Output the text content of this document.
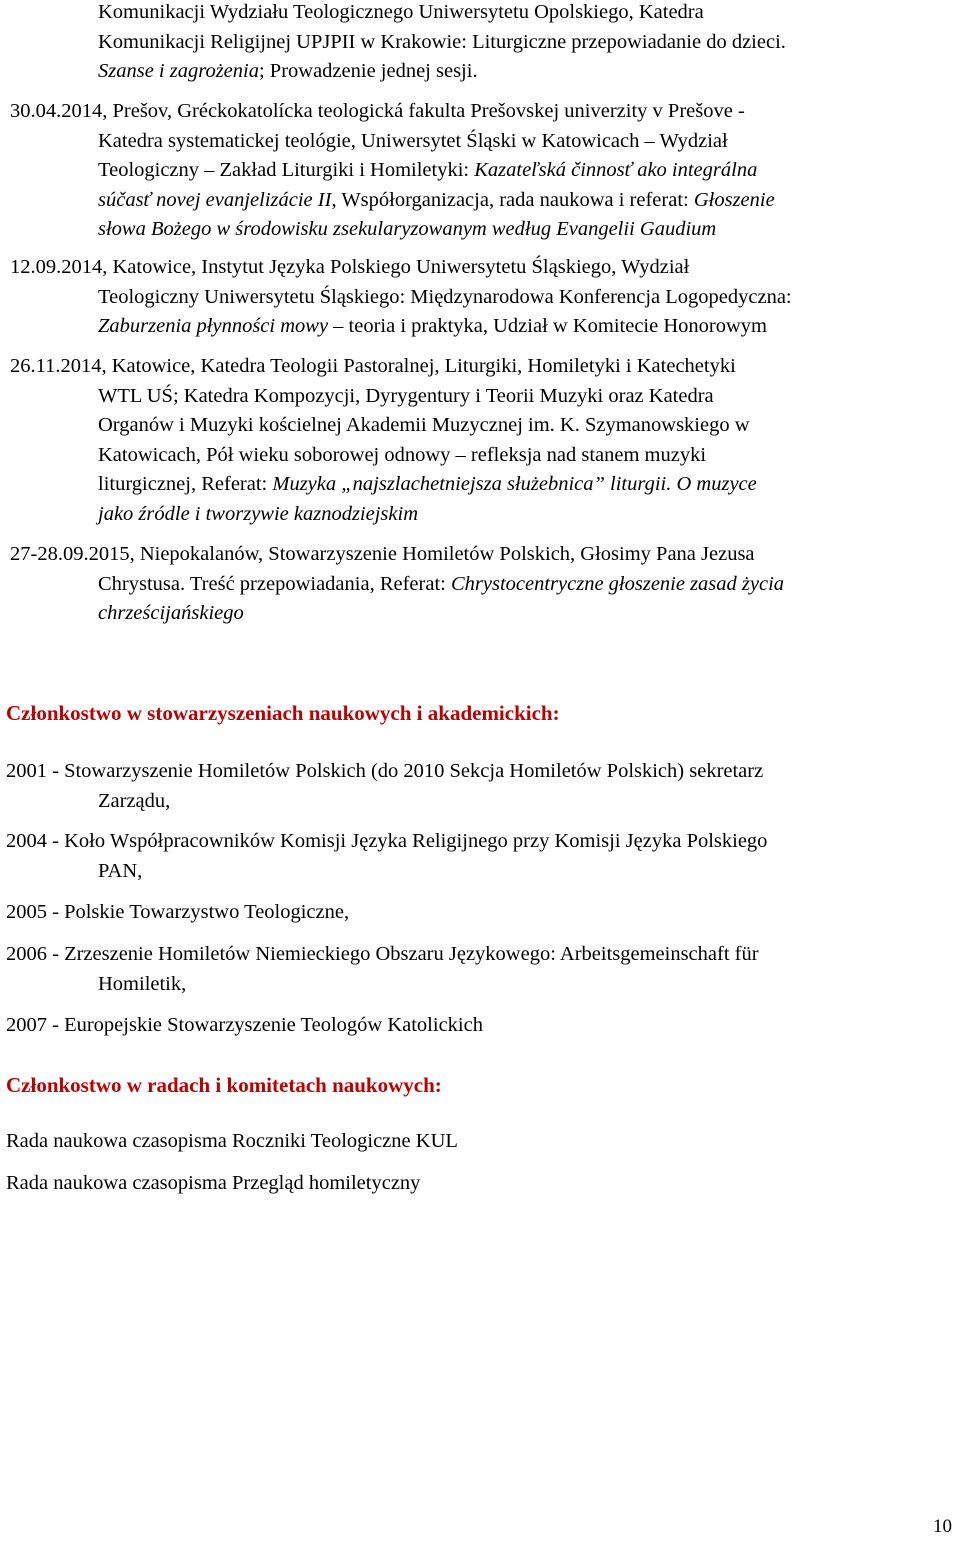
Komunikacji Wydziału Teologicznego Uniwersytetu Opolskiego, Katedra
Komunikacji Religijnej UPJPII w Krakowie: Liturgiczne przepowiadanie do dzieci.
Szanse i zagrożenia; Prowadzenie jednej sesji.
30.04.2014, Prešov, Gréckokatolícka teologická fakulta Prešovskej univerzity v Prešove -
Katedra systematickej teológie, Uniwersytet Śląski w Katowicach – Wydział
Teologiczny – Zakład Liturgiki i Homiletyki: Kazateľská činnosť ako integrálna
súčasť novej evanjelizácie II, Współorganizacja, rada naukowa i referat: Głoszenie
słowa Bożego w środowisku zsekularyzowanym według Evangelii Gaudium
12.09.2014, Katowice, Instytut Języka Polskiego Uniwersytetu Śląskiego, Wydział
Teologiczny Uniwersytetu Śląskiego: Międzynarodowa Konferencja Logopedyczna:
Zaburzenia płynności mowy – teoria i praktyka, Udział w Komitecie Honorowym
26.11.2014, Katowice, Katedra Teologii Pastoralnej, Liturgiki, Homiletyki i Katechetyki
WTL UŚ; Katedra Kompozycji, Dyrygentury i Teorii Muzyki oraz Katedra
Organów i Muzyki kościelnej Akademii Muzycznej im. K. Szymanowskiego w
Katowicach, Pół wieku soborowej odnowy – refleksja nad stanem muzyki
liturgicznej, Referat: Muzyka „najszlachetniejsza służebnica” liturgii. O muzyce
jako źródle i tworzywie kaznodziejskim
27-28.09.2015, Niepokalanów, Stowarzyszenie Homiletów Polskich, Głosimy Pana Jezusa
Chrystusa. Treść przepowiadania, Referat: Chrystocentryczne głoszenie zasad życia
chrześcijańskiego

Członkostwo w stowarzyszeniach naukowych i akademickich:

2001 - Stowarzyszenie Homiletów Polskich (do 2010 Sekcja Homiletów Polskich) sekretarz
Zarządu,
2004 - Koło Współpracowników Komisji Języka Religijnego przy Komisji Języka Polskiego
PAN,
2005 - Polskie Towarzystwo Teologiczne,
2006 - Zrzeszenie Homiletów Niemieckiego Obszaru Językowego: Arbeitsgemeinschaft für
Homiletik,
2007 - Europejskie Stowarzyszenie Teologów Katolickich

Członkostwo w radach i komitetach naukowych:

Rada naukowa czasopisma Roczniki Teologiczne KUL

Rada naukowa czasopisma Przegląd homiletyczny

10
